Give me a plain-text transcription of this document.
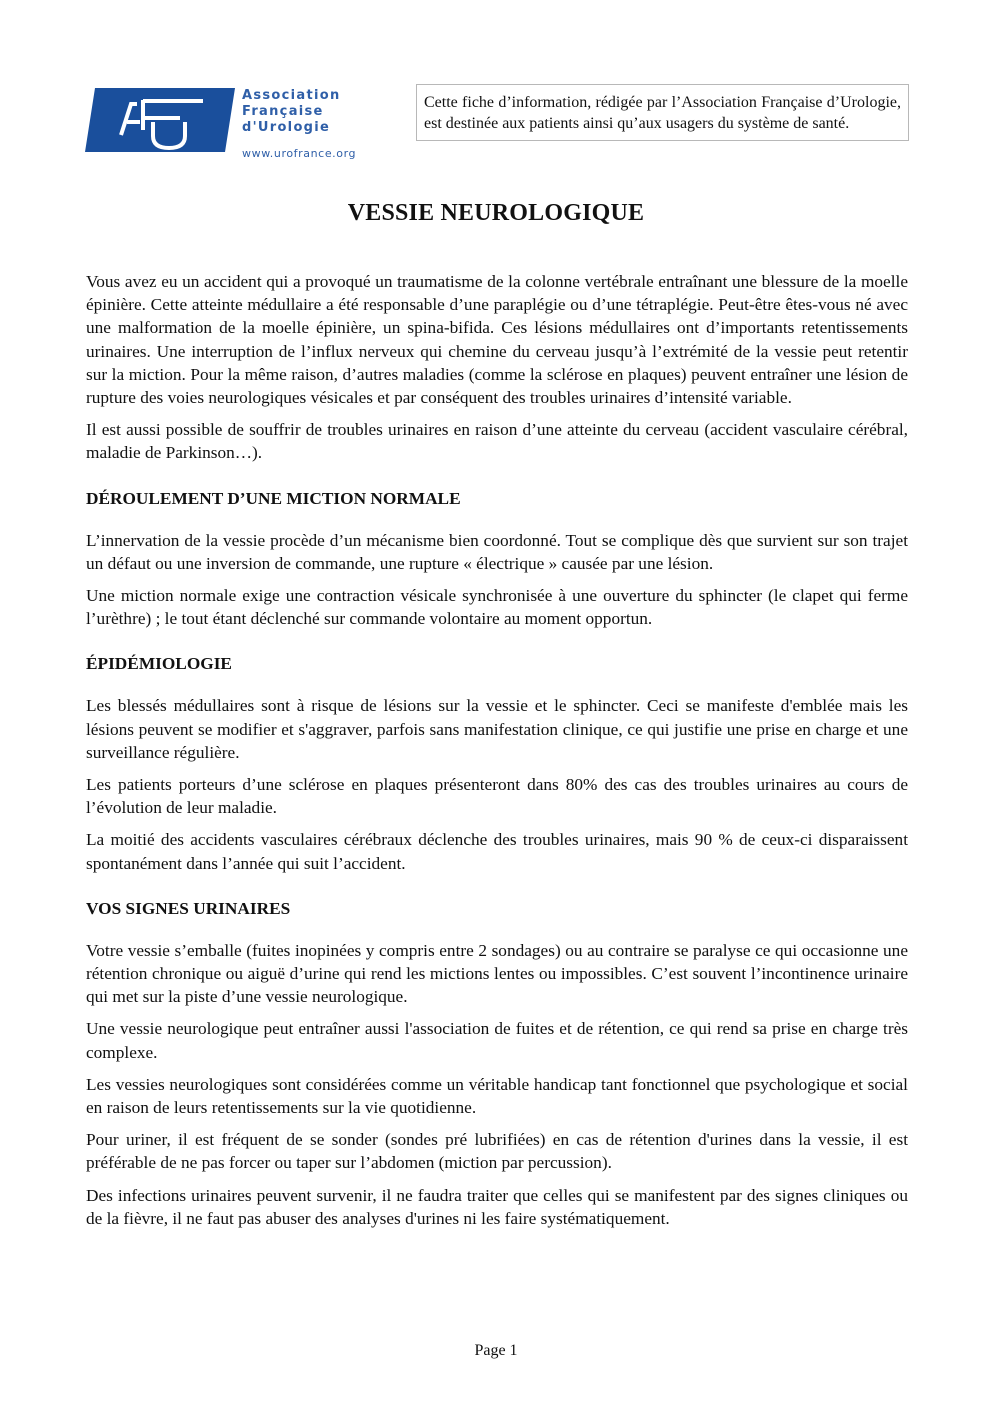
Association
Française
d'Urologie
www.urofrance.org
Cette fiche d’information, rédigée par l’Association Française d’Urologie, est destinée aux patients ainsi qu’aux usagers du système de santé.
VESSIE NEUROLOGIQUE

Vous avez eu un accident qui a provoqué un traumatisme de la colonne vertébrale entraînant une blessure de la moelle épinière. Cette atteinte médullaire a été responsable d’une paraplégie ou d’une tétraplégie. Peut-être êtes-vous né avec une malformation de la moelle épinière, un spina-bifida. Ces lésions médullaires ont d’importants retentissements urinaires. Une interruption de l’influx nerveux qui chemine du cerveau jusqu’à l’extrémité de la vessie peut retentir sur la miction. Pour la même raison, d’autres maladies (comme la sclérose en plaques) peuvent entraîner une lésion de rupture des voies neurologiques vésicales et par conséquent des troubles urinaires d’intensité variable.

Il est aussi possible de souffrir de troubles urinaires en raison d’une atteinte du cerveau (accident vasculaire cérébral, maladie de Parkinson…).

DÉROULEMENT D’UNE MICTION NORMALE

L’innervation de la vessie procède d’un mécanisme bien coordonné. Tout se complique dès que survient sur son trajet un défaut ou une inversion de commande, une rupture « électrique » causée par une lésion.

Une miction normale exige une contraction vésicale synchronisée à une ouverture du sphincter (le clapet qui ferme l’urèthre) ; le tout étant déclenché sur commande volontaire au moment opportun.

ÉPIDÉMIOLOGIE

Les blessés médullaires sont à risque de lésions sur la vessie et le sphincter. Ceci se manifeste d'emblée mais les lésions peuvent se modifier et s'aggraver, parfois sans manifestation clinique, ce qui justifie une prise en charge et une surveillance régulière.

Les patients porteurs d’une sclérose en plaques présenteront dans 80% des cas des troubles urinaires au cours de l’évolution de leur maladie.

La moitié des accidents vasculaires cérébraux déclenche des troubles urinaires, mais 90 % de ceux-ci disparaissent spontanément dans l’année qui suit l’accident.

VOS SIGNES URINAIRES

Votre vessie s’emballe (fuites inopinées y compris entre 2 sondages) ou au contraire se paralyse ce qui occasionne une rétention chronique ou aiguë d’urine qui rend les mictions lentes ou impossibles. C’est souvent l’incontinence urinaire qui met sur la piste d’une vessie neurologique.

Une vessie neurologique peut entraîner aussi l'association de fuites et de rétention, ce qui rend sa prise en charge très complexe.

Les vessies neurologiques sont considérées comme un véritable handicap tant fonctionnel que psychologique et social en raison de leurs retentissements sur la vie quotidienne.

Pour uriner, il est fréquent de se sonder (sondes pré lubrifiées) en cas de rétention d'urines dans la vessie, il est préférable de ne pas forcer ou taper sur l’abdomen (miction par percussion).

Des infections urinaires peuvent survenir, il ne faudra traiter que celles qui se manifestent par des signes cliniques ou de la fièvre, il ne faut pas abuser des analyses d'urines ni les faire systématiquement.

Page 1
